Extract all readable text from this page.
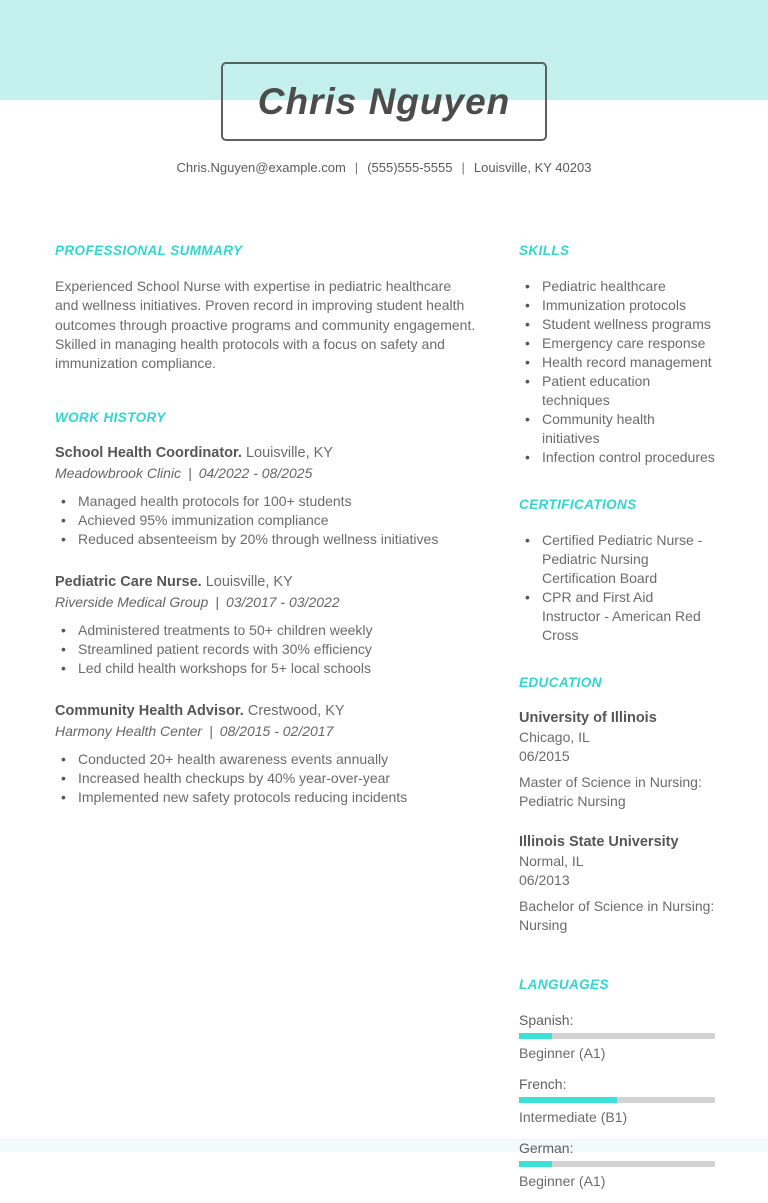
Chris Nguyen
Chris.Nguyen@example.com | (555)555-5555 | Louisville, KY 40203
PROFESSIONAL SUMMARY

Experienced School Nurse with expertise in pediatric healthcare and wellness initiatives. Proven record in improving student health outcomes through proactive programs and community engagement. Skilled in managing health protocols with a focus on safety and immunization compliance.

WORK HISTORY
School Health Coordinator. Louisville, KY
Meadowbrook Clinic | 04/2022 - 08/2025
• Managed health protocols for 100+ students
• Achieved 95% immunization compliance
• Reduced absenteeism by 20% through wellness initiatives
Pediatric Care Nurse. Louisville, KY
Riverside Medical Group | 03/2017 - 03/2022
• Administered treatments to 50+ children weekly
• Streamlined patient records with 30% efficiency
• Led child health workshops for 5+ local schools
Community Health Advisor. Crestwood, KY
Harmony Health Center | 08/2015 - 02/2017
• Conducted 20+ health awareness events annually
• Increased health checkups by 40% year-over-year
• Implemented new safety protocols reducing incidents
SKILLS
• Pediatric healthcare
• Immunization protocols
• Student wellness programs
• Emergency care response
• Health record management
• Patient education techniques
• Community health initiatives
• Infection control procedures
CERTIFICATIONS
• Certified Pediatric Nurse - Pediatric Nursing Certification Board
• CPR and First Aid Instructor - American Red Cross
EDUCATION
University of Illinois
Chicago, IL
06/2015
Master of Science in Nursing: Pediatric Nursing
Illinois State University
Normal, IL
06/2013
Bachelor of Science in Nursing: Nursing
LANGUAGES
Spanish:
Beginner (A1)
French:
Intermediate (B1)
German:
Beginner (A1)
